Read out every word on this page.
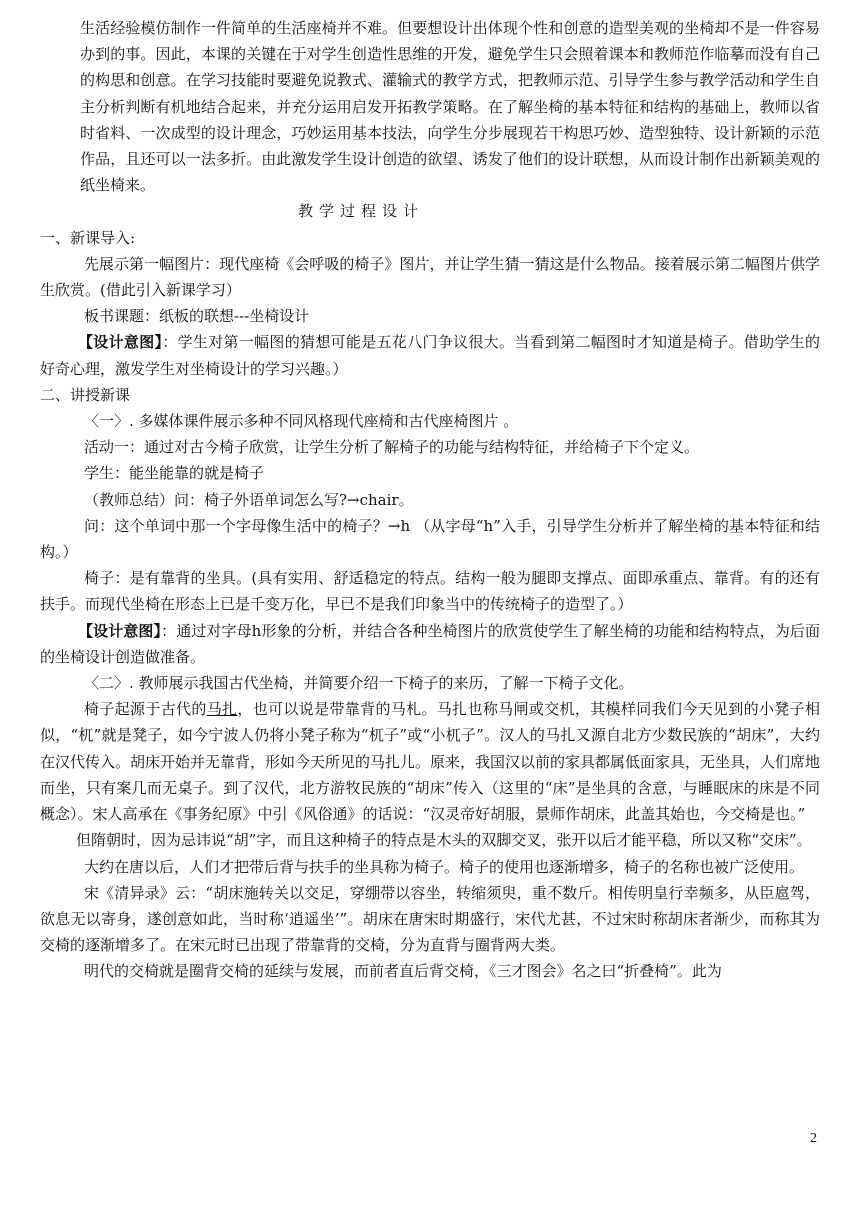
生活经验模仿制作一件简单的生活座椅并不难。但要想设计出体现个性和创意的造型美观的坐椅却不是一件容易办到的事。因此，本课的关键在于对学生创造性思维的开发，避免学生只会照着课本和教师范作临摹而没有自己的构思和创意。在学习技能时要避免说教式、灌输式的教学方式，把教师示范、引导学生参与教学活动和学生自主分析判断有机地结合起来，并充分运用启发开拓教学策略。在了解坐椅的基本特征和结构的基础上，教师以省时省料、一次成型的设计理念，巧妙运用基本技法，向学生分步展现若干构思巧妙、造型独特、设计新颖的示范作品，且还可以一法多折。由此激发学生设计创造的欲望、诱发了他们的设计联想，从而设计制作出新颖美观的纸坐椅来。

教学过程设计

一、新课导入:

先展示第一幅图片：现代座椅《会呼吸的椅子》图片，并让学生猜一猜这是什么物品。接着展示第二幅图片供学生欣赏。(借此引入新课学习）

板书课题：纸板的联想---坐椅设计

【设计意图】：学生对第一幅图的猜想可能是五花八门争议很大。当看到第二幅图时才知道是椅子。借助学生的好奇心理，激发学生对坐椅设计的学习兴趣。）

二、讲授新课

〈一〉. 多媒体课件展示多种不同风格现代座椅和古代座椅图片 。

活动一：通过对古今椅子欣赏，让学生分析了解椅子的功能与结构特征，并给椅子下个定义。

学生：能坐能靠的就是椅子

（教师总结）问：椅子外语单词怎么写?→chair。

问：这个单词中那一个字母像生活中的椅子？→h （从字母“h”入手，引导学生分析并了解坐椅的基本特征和结构。）

椅子：是有靠背的坐具。(具有实用、舒适稳定的特点。结构一般为腿即支撑点、面即承重点、靠背。有的还有扶手。而现代坐椅在形态上已是千变万化，早已不是我们印象当中的传统椅子的造型了。）

【设计意图】：通过对字母h形象的分析，并结合各种坐椅图片的欣赏使学生了解坐椅的功能和结构特点，为后面的坐椅设计创造做准备。

〈二〉. 教师展示我国古代坐椅，并简要介绍一下椅子的来历，了解一下椅子文化。

椅子起源于古代的马扎，也可以说是带靠背的马札。马扎也称马闸或交机，其模样同我们今天见到的小凳子相似，“杌”就是凳子，如今宁波人仍将小凳子称为“杌子”或“小杌子”。汉人的马扎又源自北方少数民族的“胡床”，大约在汉代传入。胡床开始并无靠背，形如今天所见的马扎儿。原来，我国汉以前的家具都属低面家具，无坐具，人们席地而坐，只有案几而无桌子。到了汉代，北方游牧民族的“胡床”传入（这里的“床”是坐具的含意，与睡眠床的床是不同概念）。宋人高承在《事务纪原》中引《风俗通》的话说：“汉灵帝好胡服，景师作胡床，此盖其始也，今交椅是也。”

但隋朝时，因为忌讳说“胡”字，而且这种椅子的特点是木头的双脚交叉，张开以后才能平稳，所以又称“交床”。

大约在唐以后，人们才把带后背与扶手的坐具称为椅子。椅子的使用也逐渐增多，椅子的名称也被广泛使用。

宋《清异录》云：“胡床施转关以交足，穿绷带以容坐，转缩须臾，重不数斤。相传明皇行幸频多，从臣扈驾，欲息无以寄身，遂创意如此，当时称‘逍遥坐’”。胡床在唐宋时期盛行，宋代尤甚，不过宋时称胡床者渐少，而称其为交椅的逐渐增多了。在宋元时已出现了带靠背的交椅，分为直背与圈背两大类。

明代的交椅就是圈背交椅的延续与发展，而前者直后背交椅，《三才图会》名之曰“折叠椅”。此为

2
